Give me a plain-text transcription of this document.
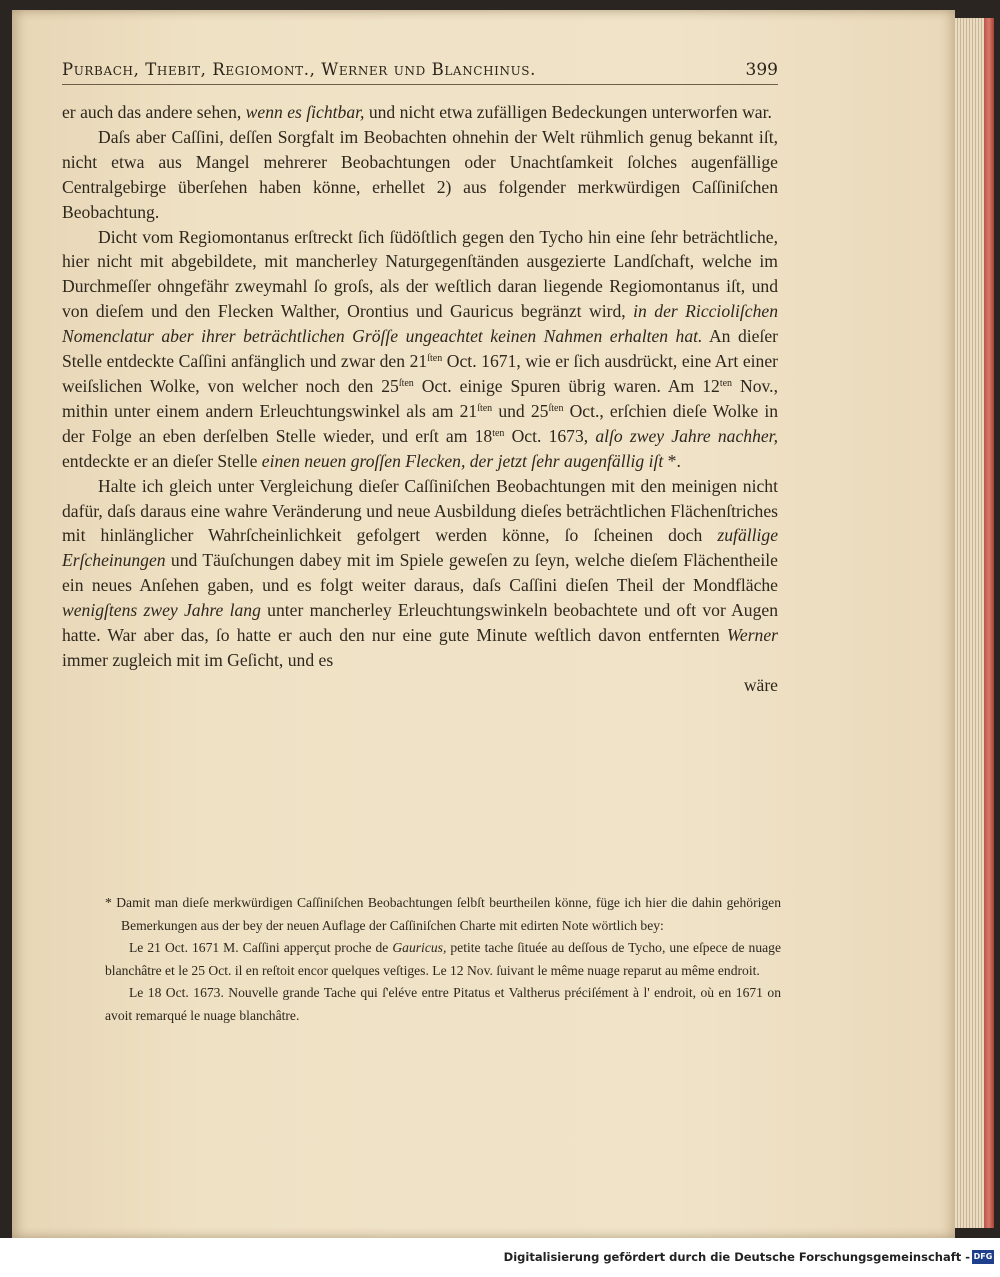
Purbach, Thebit, Regiomont., Werner und Blanchinus.	399

er auch das andere sehen, wenn es ſichtbar, und nicht etwa zufälligen Bedeckungen unterworfen war.

Daſs aber Caſſini, deſſen Sorgfalt im Beobachten ohnehin der Welt rühmlich genug bekannt iſt, nicht etwa aus Mangel mehrerer Beobachtungen oder Unachtſamkeit ſolches augenfällige Centralgebirge überſehen haben könne, erhellet 2) aus folgender merkwürdigen Caſſiniſchen Beobachtung.

Dicht vom Regiomontanus erſtreckt ſich ſüdöſtlich gegen den Tycho hin eine ſehr beträchtliche, hier nicht mit abgebildete, mit mancherley Naturgegenſtänden ausgezierte Landſchaft, welche im Durchmeſſer ohngefähr zweymahl ſo groſs, als der weſtlich daran liegende Regiomontanus iſt, und von dieſem und den Flecken Walther, Orontius und Gauricus begränzt wird, in der Riccioliſchen Nomenclatur aber ihrer beträchtlichen Gröſſe ungeachtet keinen Nahmen erhalten hat. An dieſer Stelle entdeckte Caſſini anfänglich und zwar den $21^{ſten}$ Oct. 1671, wie er ſich ausdrückt, eine Art einer weiſslichen Wolke, von welcher noch den $25^{ſten}$ Oct. einige Spuren übrig waren. Am $12^{ten}$ Nov., mithin unter einem andern Erleuchtungswinkel als am $21^{ſten}$ und $25^{ſten}$ Oct., erſchien dieſe Wolke in der Folge an eben derſelben Stelle wieder, und erſt am $18^{ten}$ Oct. 1673, alſo zwey Jahre nachher, entdeckte er an dieſer Stelle einen neuen groſſen Flecken, der jetzt ſehr augenfällig iſt *.

Halte ich gleich unter Vergleichung dieſer Caſſiniſchen Beobachtungen mit den meinigen nicht dafür, daſs daraus eine wahre Veränderung und neue Ausbildung dieſes beträchtlichen Flächenſtriches mit hinlänglicher Wahrſcheinlichkeit gefolgert werden könne, ſo ſcheinen doch zufällige Erſcheinungen und Täuſchungen dabey mit im Spiele geweſen zu ſeyn, welche dieſem Flächentheile ein neues Anſehen gaben, und es folgt weiter daraus, daſs Caſſini dieſen Theil der Mondfläche wenigſtens zwey Jahre lang unter mancherley Erleuchtungswinkeln beobachtete und oft vor Augen hatte. War aber das, ſo hatte er auch den nur eine gute Minute weſtlich davon entfernten Werner immer zugleich mit im Geſicht, und es
wäre

* Damit man dieſe merkwürdigen Caſſiniſchen Beobachtungen ſelbſt beurtheilen könne, füge ich hier die dahin gehörigen Bemerkungen aus der bey der neuen Auflage der Caſſiniſchen Charte mit edirten Note wörtlich bey:

Le 21 Oct. 1671 M. Caſſini apperçut proche de Gauricus, petite tache ſituée au deſſous de Tycho, une eſpece de nuage blanchâtre et le 25 Oct. il en reſtoit encor quelques veſtiges. Le 12 Nov. ſuivant le même nuage reparut au même endroit.

Le 18 Oct. 1673. Nouvelle grande Tache qui ſ'eléve entre Pitatus et Valtherus préciſément à l' endroit, où en 1671 on avoit remarqué le nuage blanchâtre.

Digitalisierung gefördert durch die Deutsche Forschungsgemeinschaft - DFG
